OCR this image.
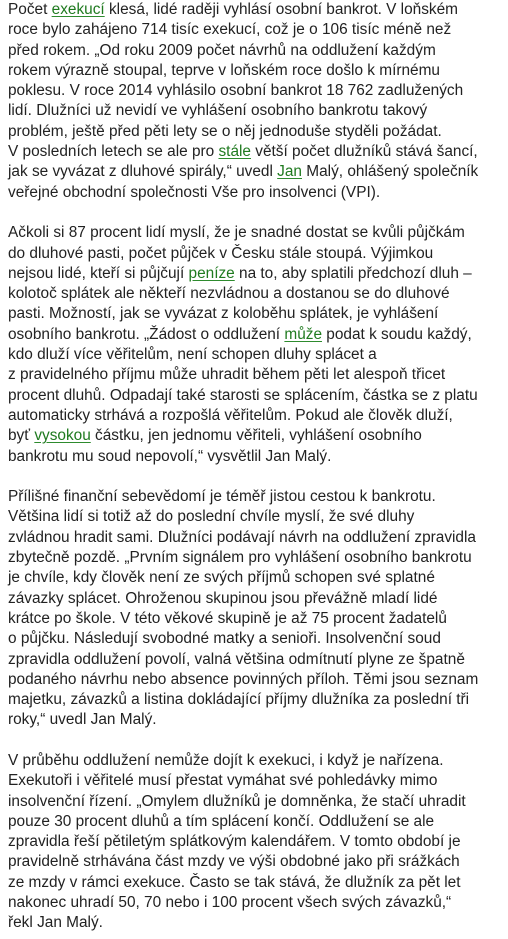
Počet exekucí klesá, lidé raději vyhlásí osobní bankrot. V loňském
roce bylo zahájeno 714 tisíc exekucí, což je o 106 tisíc méně než
před rokem. „Od roku 2009 počet návrhů na oddlužení každým
rokem výrazně stoupal, teprve v loňském roce došlo k mírnému
poklesu. V roce 2014 vyhlásilo osobní bankrot 18 762 zadlužených
lidí. Dlužníci už nevidí ve vyhlášení osobního bankrotu takový
problém, ještě před pěti lety se o něj jednoduše styděli požádat.
V posledních letech se ale pro stále větší počet dlužníků stává šancí,
jak se vyvázat z dluhové spirály,“ uvedl Jan Malý, ohlášený společník
veřejné obchodní společnosti Vše pro insolvenci (VPI).

Ačkoli si 87 procent lidí myslí, že je snadné dostat se kvůli půjčkám
do dluhové pasti, počet půjček v Česku stále stoupá. Výjimkou
nejsou lidé, kteří si půjčují peníze na to, aby splatili předchozí dluh –
kolotoč splátek ale někteří nezvládnou a dostanou se do dluhové
pasti. Možností, jak se vyvázat z koloběhu splátek, je vyhlášení
osobního bankrotu. „Žádost o oddlužení může podat k soudu každý,
kdo dluží více věřitelům, není schopen dluhy splácet a
z pravidelného příjmu může uhradit během pěti let alespoň třicet
procent dluhů. Odpadají také starosti se splácením, částka se z platu
automaticky strhává a rozpošlá věřitelům. Pokud ale člověk dluží,
byť vysokou částku, jen jednomu věřiteli, vyhlášení osobního
bankrotu mu soud nepovolí,“ vysvětlil Jan Malý.

Přílišné finanční sebevědomí je téměř jistou cestou k bankrotu.
Většina lidí si totiž až do poslední chvíle myslí, že své dluhy
zvládnou hradit sami. Dlužníci podávají návrh na oddlužení zpravidla
zbytečně pozdě. „Prvním signálem pro vyhlášení osobního bankrotu
je chvíle, kdy člověk není ze svých příjmů schopen své splatné
závazky splácet. Ohroženou skupinou jsou převážně mladí lidé
krátce po škole. V této věkové skupině je až 75 procent žadatelů
o půjčku. Následují svobodné matky a senioři. Insolvenční soud
zpravidla oddlužení povolí, valná většina odmítnutí plyne ze špatně
podaného návrhu nebo absence povinných příloh. Těmi jsou seznam
majetku, závazků a listina dokládající příjmy dlužníka za poslední tři
roky,“ uvedl Jan Malý.

V průběhu oddlužení nemůže dojít k exekuci, i když je nařízena.
Exekutoři i věřitelé musí přestat vymáhat své pohledávky mimo
insolvenční řízení. „Omylem dlužníků je domněnka, že stačí uhradit
pouze 30 procent dluhů a tím splácení končí. Oddlužení se ale
zpravidla řeší pětiletým splátkovým kalendářem. V tomto období je
pravidelně strhávána část mzdy ve výši obdobné jako při srážkách
ze mzdy v rámci exekuce. Často se tak stává, že dlužník za pět let
nakonec uhradí 50, 70 nebo i 100 procent všech svých závazků,“
řekl Jan Malý.
